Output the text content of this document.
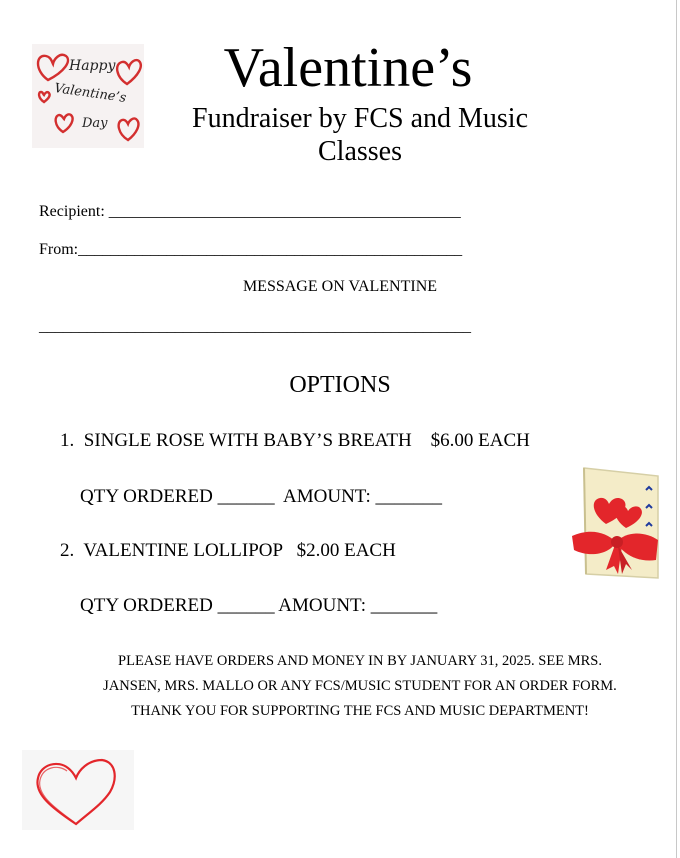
Happy
Valentine’s
Day
Valentine’s
Fundraiser by FCS and Music Classes
Recipient: ____________________________________________
From:________________________________________________
MESSAGE ON VALENTINE
______________________________________________________
OPTIONS
1.  SINGLE ROSE WITH BABY’S BREATH    $6.00 EACH
QTY ORDERED ______  AMOUNT: _______
2.  VALENTINE LOLLIPOP   $2.00 EACH
QTY ORDERED ______ AMOUNT: _______
PLEASE HAVE ORDERS AND MONEY IN BY JANUARY 31, 2025. SEE MRS. JANSEN, MRS. MALLO OR ANY FCS/MUSIC STUDENT FOR AN ORDER FORM. THANK YOU FOR SUPPORTING THE FCS AND MUSIC DEPARTMENT!
